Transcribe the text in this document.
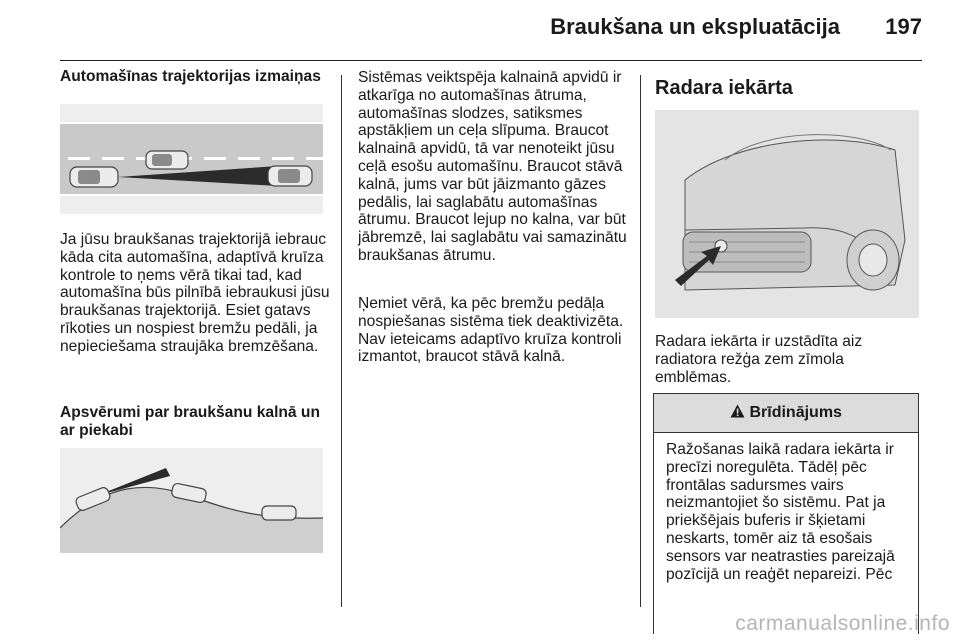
Braukšana un ekspluatācija 197
Automašīnas trajektorijas izmaiņas
Ja jūsu braukšanas trajektorijā iebrauc kāda cita automašīna, adaptīvā kruīza kontrole to ņems vērā tikai tad, kad automašīna būs pilnībā iebraukusi jūsu braukšanas trajektorijā. Esiet gatavs rīkoties un nospiest bremžu pedāli, ja nepieciešama straujāka bremzēšana.
Apsvērumi par braukšanu kalnā un ar piekabi
Sistēmas veiktspēja kalnainā apvidū ir atkarīga no automašīnas ātruma, automašīnas slodzes, satiksmes apstākļiem un ceļa slīpuma. Braucot kalnainā apvidū, tā var nenoteikt jūsu ceļā esošu automašīnu. Braucot stāvā kalnā, jums var būt jāizmanto gāzes pedālis, lai saglabātu automašīnas ātrumu. Braucot lejup no kalna, var būt jābremzē, lai saglabātu vai samazinātu braukšanas ātrumu.
Ņemiet vērā, ka pēc bremžu pedāļa nospiešanas sistēma tiek deaktivizēta. Nav ieteicams adaptīvo kruīza kontroli izmantot, braucot stāvā kalnā.
Radara iekārta
Radara iekārta ir uzstādīta aiz radiatora režģa zem zīmola emblēmas.
Brīdinājums
Ražošanas laikā radara iekārta ir precīzi noregulēta. Tādēļ pēc frontālas sadursmes vairs neizmantojiet šo sistēmu. Pat ja priekšējais buferis ir šķietami neskarts, tomēr aiz tā esošais sensors var neatrasties pareizajā pozīcijā un reaģēt nepareizi. Pēc
carmanualsonline.info
